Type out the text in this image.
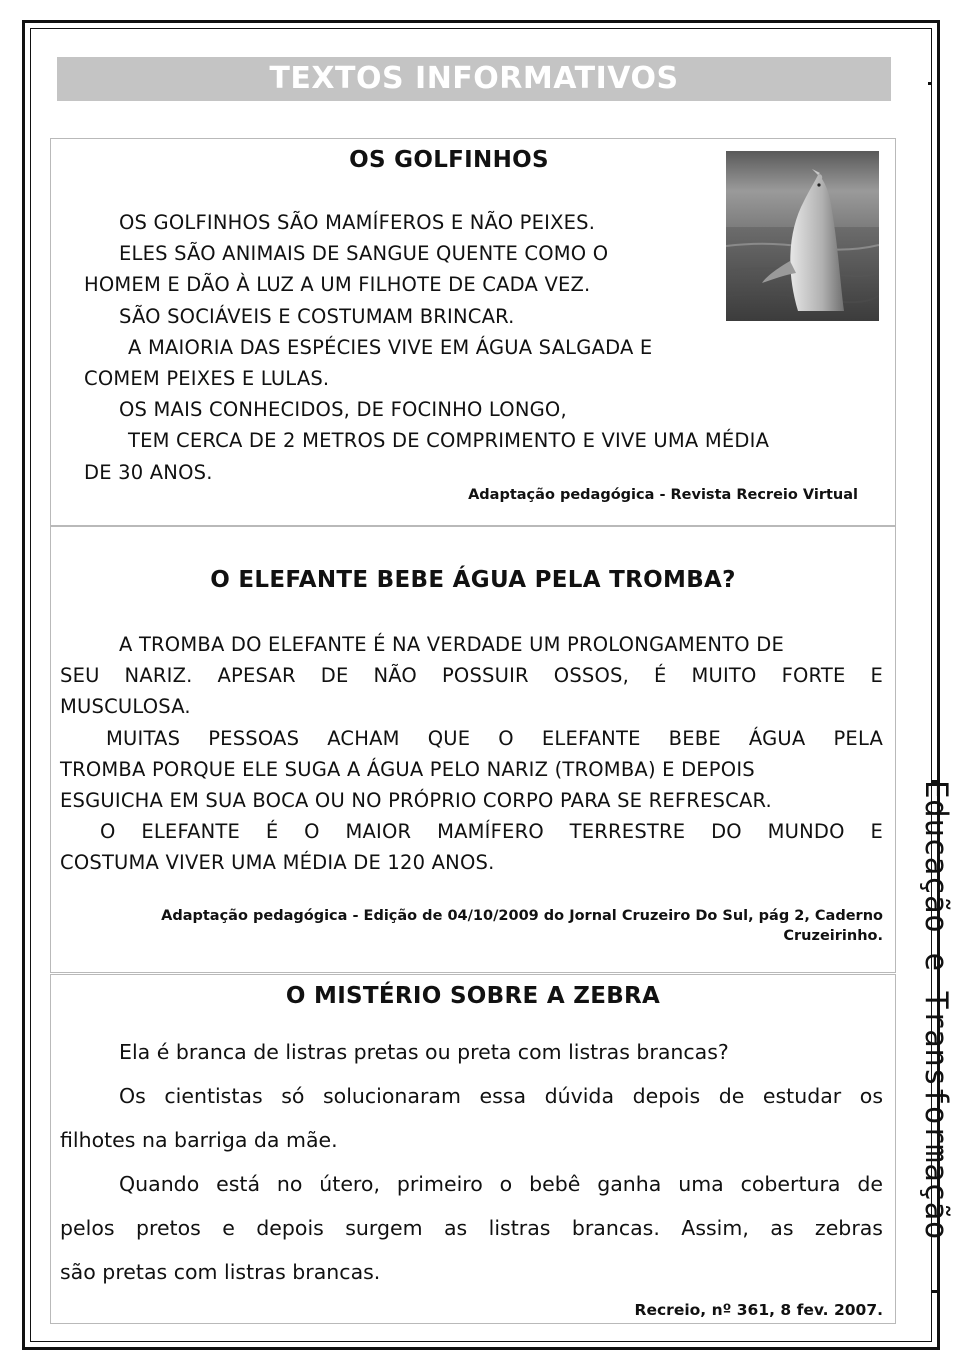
TEXTOS INFORMATIVOS
OS GOLFINHOS
OS GOLFINHOS SÃO MAMÍFEROS E NÃO PEIXES.
ELES SÃO ANIMAIS DE SANGUE QUENTE COMO O
HOMEM E DÃO À LUZ A UM FILHOTE DE CADA VEZ.
SÃO SOCIÁVEIS E COSTUMAM BRINCAR.
A MAIORIA DAS ESPÉCIES VIVE EM ÁGUA SALGADA E
COMEM PEIXES E LULAS.
OS MAIS CONHECIDOS, DE FOCINHO LONGO,
TEM CERCA DE 2 METROS DE COMPRIMENTO E VIVE UMA MÉDIA
DE 30 ANOS.
Adaptação pedagógica - Revista Recreio Virtual
O ELEFANTE BEBE ÁGUA PELA TROMBA?
A TROMBA DO ELEFANTE É NA VERDADE UM PROLONGAMENTO DE
SEU NARIZ. APESAR DE NÃO POSSUIR OSSOS, É MUITO FORTE E
MUSCULOSA.
MUITAS PESSOAS ACHAM QUE O ELEFANTE BEBE ÁGUA PELA
TROMBA PORQUE ELE SUGA A ÁGUA PELO NARIZ (TROMBA) E DEPOIS
ESGUICHA EM SUA BOCA OU NO PRÓPRIO CORPO PARA SE REFRESCAR.
O ELEFANTE É O MAIOR MAMÍFERO TERRESTRE DO MUNDO E
COSTUMA VIVER UMA MÉDIA DE 120 ANOS.
Adaptação pedagógica - Edição de 04/10/2009 do Jornal Cruzeiro Do Sul, pág 2, Caderno
Cruzeirinho.
O MISTÉRIO SOBRE A ZEBRA
Ela é branca de listras pretas ou preta com listras brancas?
Os cientistas só solucionaram essa dúvida depois de estudar os
filhotes na barriga da mãe.
Quando está no útero, primeiro o bebê ganha uma cobertura de
pelos pretos e depois surgem as listras brancas. Assim, as zebras
são pretas com listras brancas.
Recreio, nº 361, 8 fev. 2007.
Educação e Transformação
